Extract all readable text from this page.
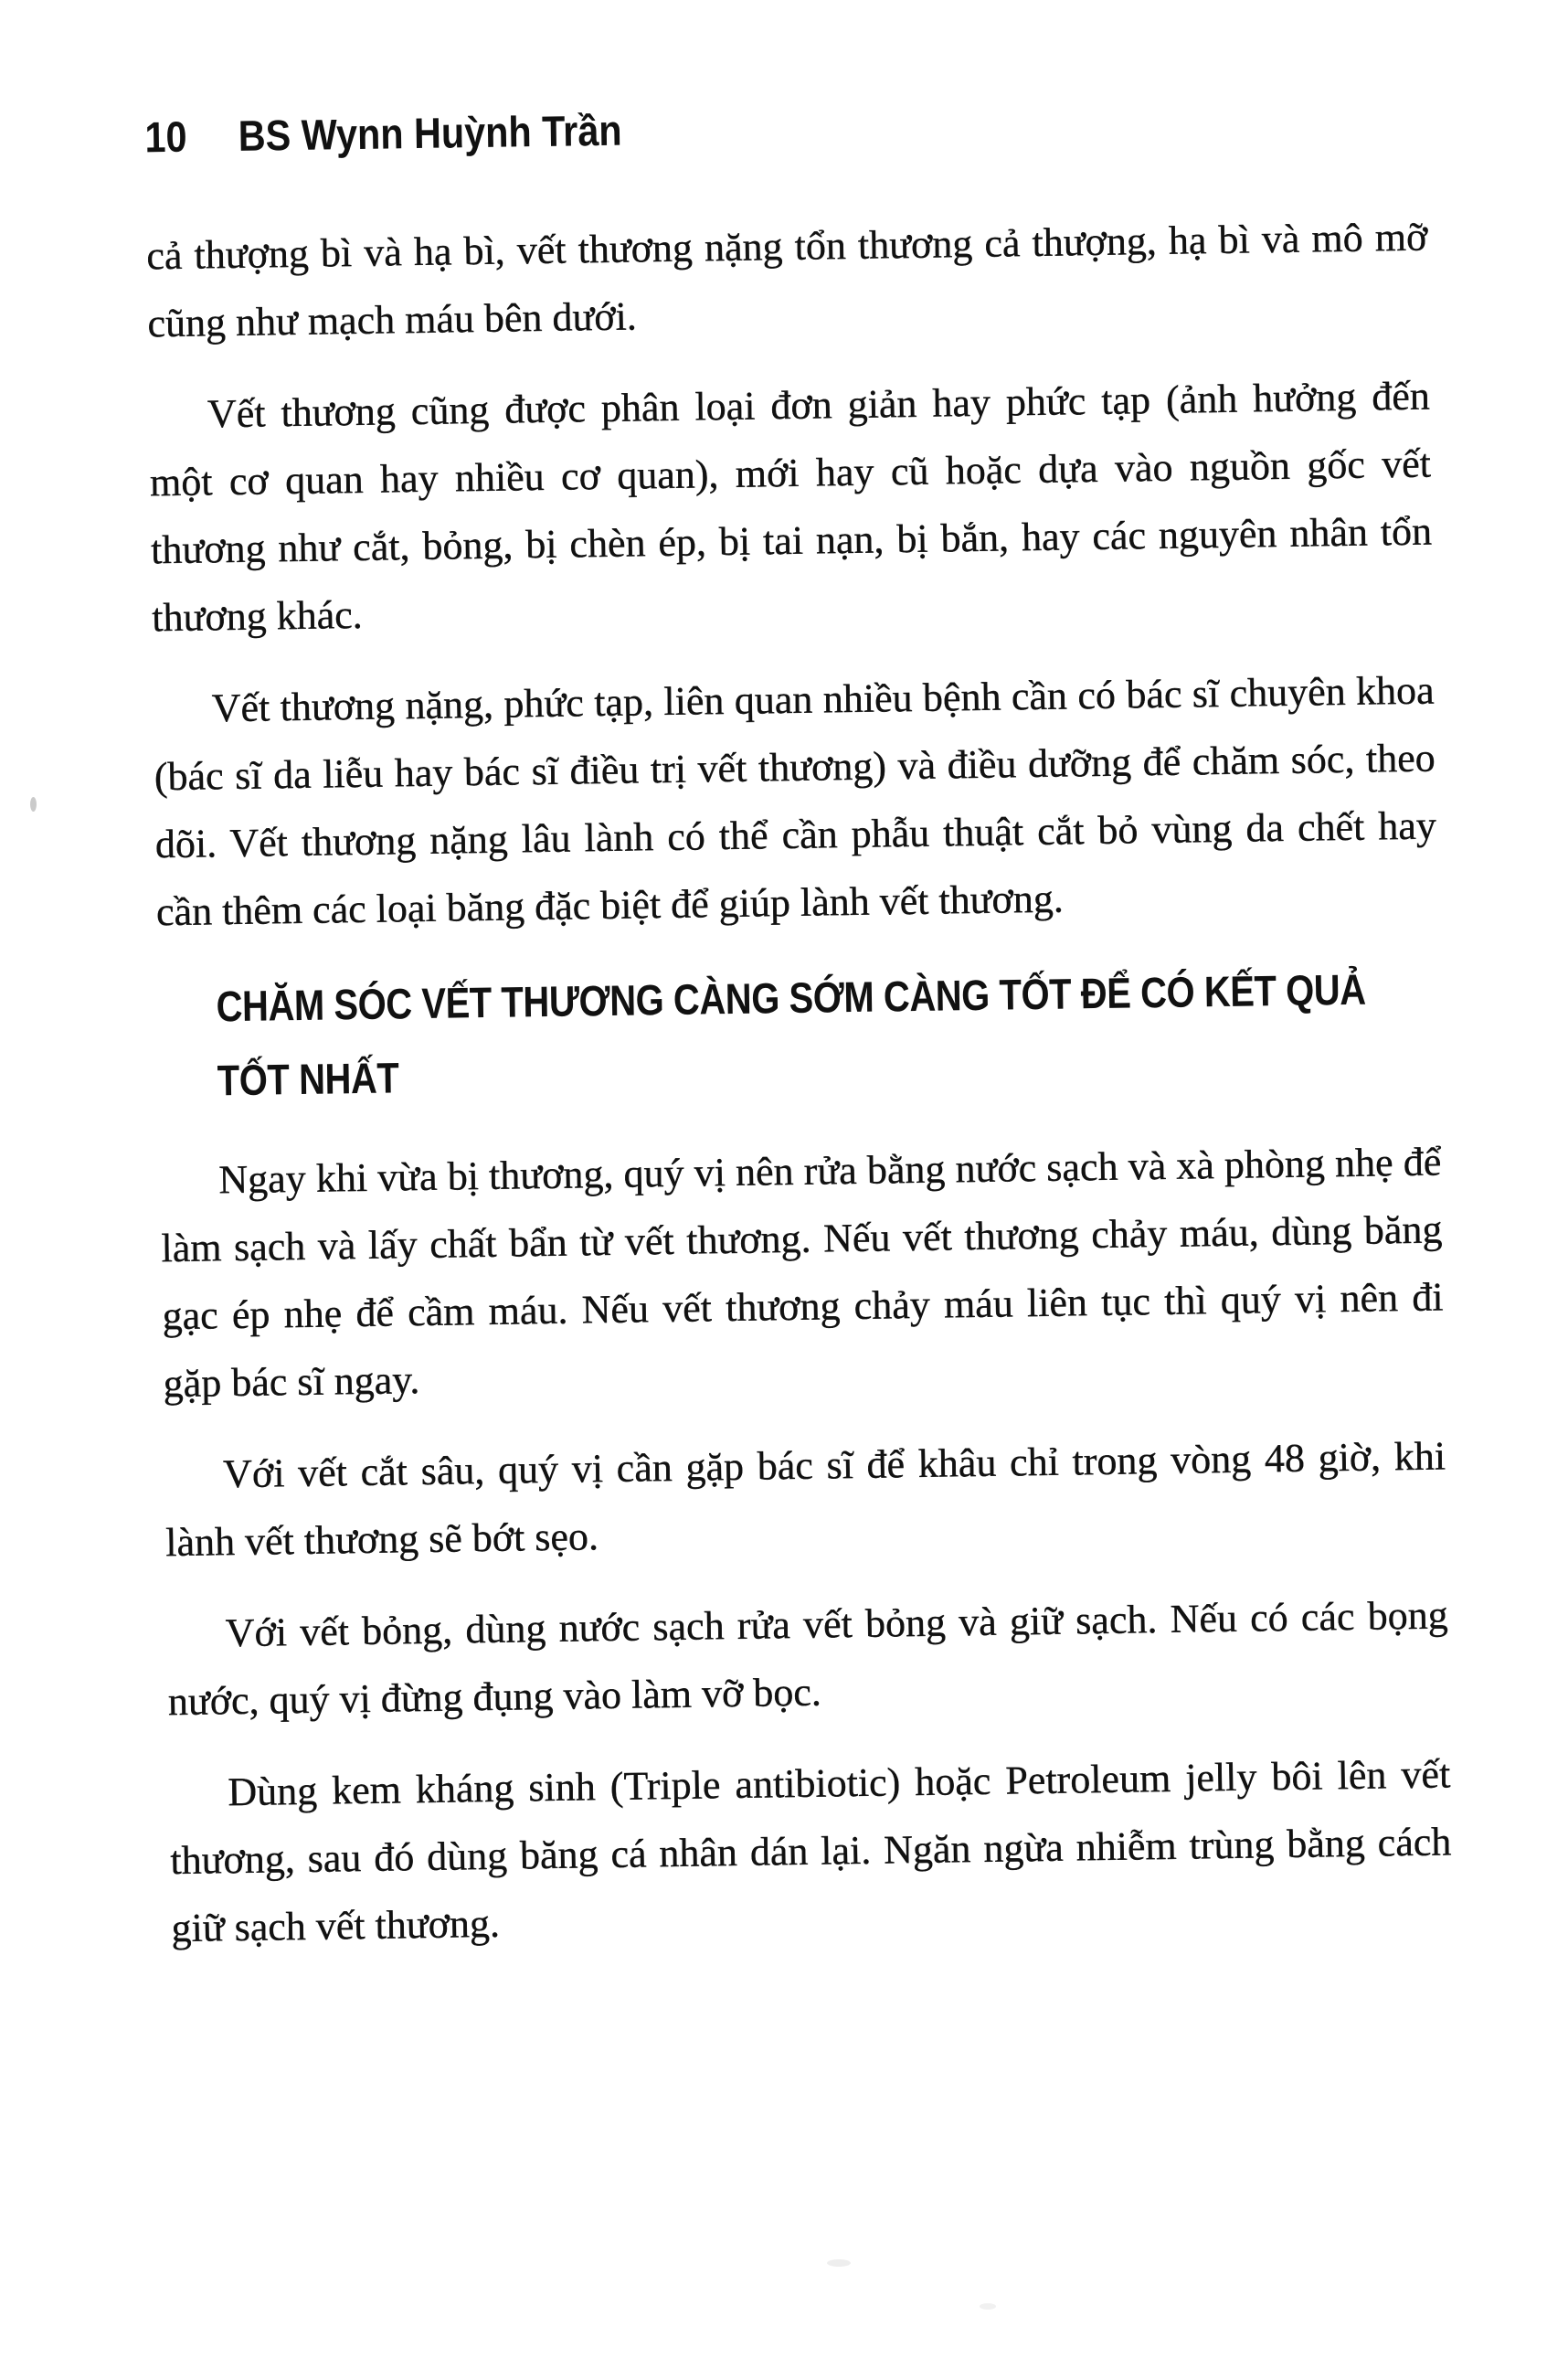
10 BS Wynn Huỳnh Trần

cả thượng bì và hạ bì, vết thương nặng tổn thương cả thượng, hạ bì và mô mỡ cũng như mạch máu bên dưới.

Vết thương cũng được phân loại đơn giản hay phức tạp (ảnh hưởng đến một cơ quan hay nhiều cơ quan), mới hay cũ hoặc dựa vào nguồn gốc vết thương như cắt, bỏng, bị chèn ép, bị tai nạn, bị bắn, hay các nguyên nhân tổn thương khác.

Vết thương nặng, phức tạp, liên quan nhiều bệnh cần có bác sĩ chuyên khoa (bác sĩ da liễu hay bác sĩ điều trị vết thương) và điều dưỡng để chăm sóc, theo dõi. Vết thương nặng lâu lành có thể cần phẫu thuật cắt bỏ vùng da chết hay cần thêm các loại băng đặc biệt để giúp lành vết thương.

CHĂM SÓC VẾT THƯƠNG CÀNG SỚM CÀNG TỐT ĐỂ CÓ KẾT QUẢ
TỐT NHẤT

Ngay khi vừa bị thương, quý vị nên rửa bằng nước sạch và xà phòng nhẹ để làm sạch và lấy chất bẩn từ vết thương. Nếu vết thương chảy máu, dùng băng gạc ép nhẹ để cầm máu. Nếu vết thương chảy máu liên tục thì quý vị nên đi gặp bác sĩ ngay.

Với vết cắt sâu, quý vị cần gặp bác sĩ để khâu chỉ trong vòng 48 giờ, khi lành vết thương sẽ bớt sẹo.

Với vết bỏng, dùng nước sạch rửa vết bỏng và giữ sạch. Nếu có các bọng nước, quý vị đừng đụng vào làm vỡ bọc.

Dùng kem kháng sinh (Triple antibiotic) hoặc Petroleum jelly bôi lên vết thương, sau đó dùng băng cá nhân dán lại. Ngăn ngừa nhiễm trùng bằng cách giữ sạch vết thương.
